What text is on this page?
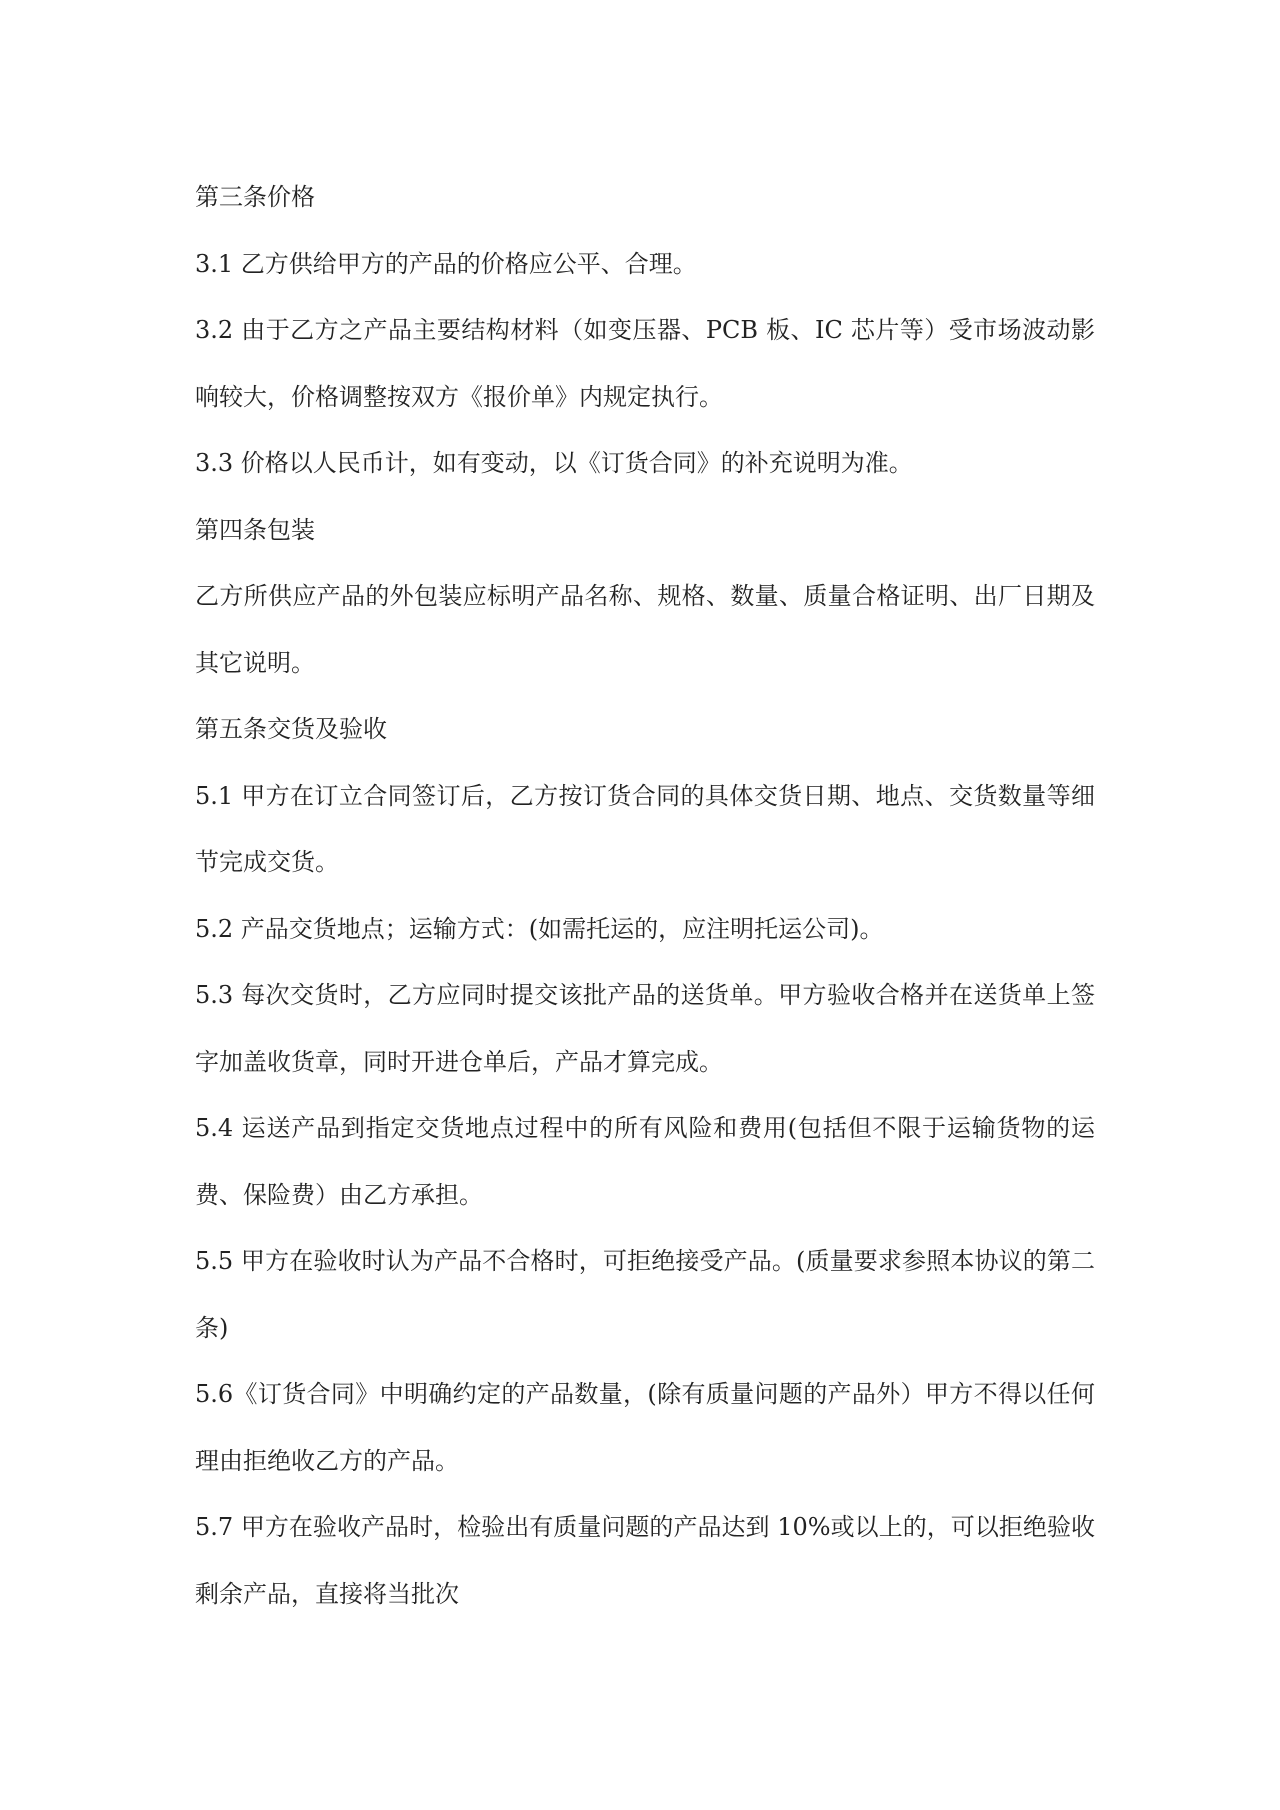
第三条价格

3.1 乙方供给甲方的产品的价格应公平、合理。

3.2 由于乙方之产品主要结构材料（如变压器、PCB 板、IC 芯片等）受市场波动影响较大，价格调整按双方《报价单》内规定执行。

3.3 价格以人民币计，如有变动，以《订货合同》的补充说明为准。

第四条包装

乙方所供应产品的外包装应标明产品名称、规格、数量、质量合格证明、出厂日期及其它说明。

第五条交货及验收

5.1 甲方在订立合同签订后，乙方按订货合同的具体交货日期、地点、交货数量等细节完成交货。

5.2 产品交货地点；运输方式：(如需托运的，应注明托运公司)。

5.3 每次交货时，乙方应同时提交该批产品的送货单。甲方验收合格并在送货单上签字加盖收货章，同时开进仓单后，产品才算完成。

5.4 运送产品到指定交货地点过程中的所有风险和费用(包括但不限于运输货物的运费、保险费）由乙方承担。

5.5 甲方在验收时认为产品不合格时，可拒绝接受产品。(质量要求参照本协议的第二条)

5.6《订货合同》中明确约定的产品数量，(除有质量问题的产品外）甲方不得以任何理由拒绝收乙方的产品。

5.7 甲方在验收产品时，检验出有质量问题的产品达到 10%或以上的，可以拒绝验收剩余产品，直接将当批次
